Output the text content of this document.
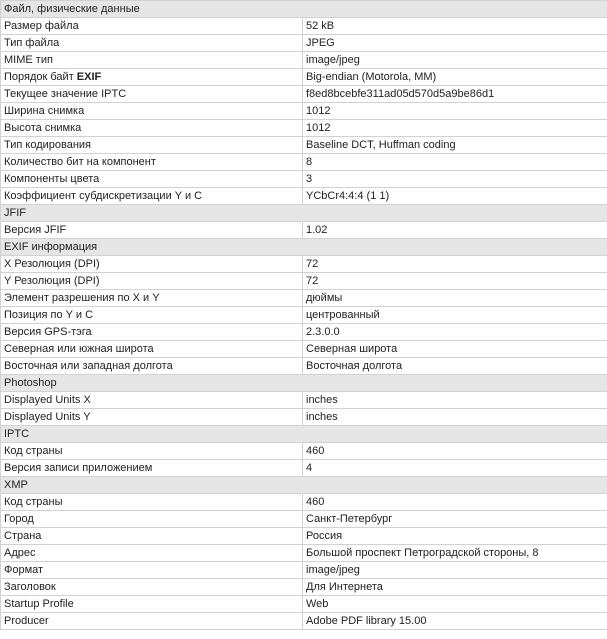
Файл, физические данные	
Размер файла	52 kB
Тип файла	JPEG
MIME тип	image/jpeg
Порядок байт EXIF	Big-endian (Motorola, MM)
Текущее значение IPTC	f8ed8bcebfe311ad05d570d5a9be86d1
Ширина снимка	1012
Высота снимка	1012
Тип кодирования	Baseline DCT, Huffman coding
Количество бит на компонент	8
Компоненты цвета	3
Коэффициент субдискретизации Y и C	YCbCr4:4:4 (1 1)
JFIF	
Версия JFIF	1.02
EXIF информация	
X Резолюция (DPI)	72
Y Резолюция (DPI)	72
Элемент разрешения по X и Y	дюймы
Позиция по Y и C	центрованный
Версия GPS-тэга	2.3.0.0
Северная или южная широта	Северная широта
Восточная или западная долгота	Восточная долгота
Photoshop	
Displayed Units X	inches
Displayed Units Y	inches
IPTC	
Код страны	460
Версия записи приложением	4
XMP	
Код страны	460
Город	Санкт-Петербург
Страна	Россия
Адрес	Большой проспект Петроградской стороны, 8
Формат	image/jpeg
Заголовок	Для Интернета
Startup Profile	Web
Producer	Adobe PDF library 15.00
